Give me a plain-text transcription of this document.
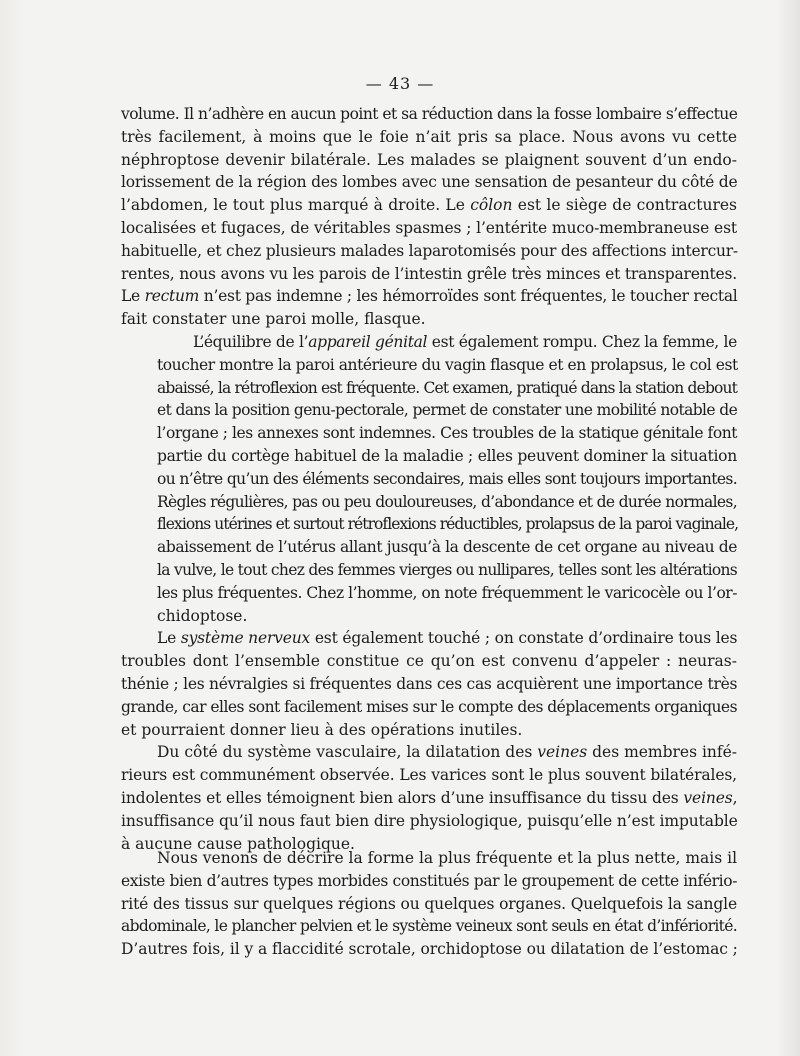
— 43 —

volume. Il n’adhère en aucun point et sa réduction dans la fosse lombaire s’effectue
très facilement, à moins que le foie n’ait pris sa place. Nous avons vu cette
néphroptose devenir bilatérale. Les malades se plaignent souvent d’un endo-
lorissement de la région des lombes avec une sensation de pesanteur du côté de
l’abdomen, le tout plus marqué à droite. Le côlon est le siège de contractures
localisées et fugaces, de véritables spasmes ; l’entérite muco-membraneuse est
habituelle, et chez plusieurs malades laparotomisés pour des affections intercur-
rentes, nous avons vu les parois de l’intestin grêle très minces et transparentes.
Le rectum n’est pas indemne ; les hémorroïdes sont fréquentes, le toucher rectal
fait constater une paroi molle, flasque.

L’équilibre de l’appareil génital est également rompu. Chez la femme, le
toucher montre la paroi antérieure du vagin flasque et en prolapsus, le col est
abaissé, la rétroflexion est fréquente. Cet examen, pratiqué dans la station debout
et dans la position genu-pectorale, permet de constater une mobilité notable de
l’organe ; les annexes sont indemnes. Ces troubles de la statique génitale font
partie du cortège habituel de la maladie ; elles peuvent dominer la situation
ou n’être qu’un des éléments secondaires, mais elles sont toujours importantes.
Règles régulières, pas ou peu douloureuses, d’abondance et de durée normales,
flexions utérines et surtout rétroflexions réductibles, prolapsus de la paroi vaginale,
abaissement de l’utérus allant jusqu’à la descente de cet organe au niveau de
la vulve, le tout chez des femmes vierges ou nullipares, telles sont les altérations
les plus fréquentes. Chez l’homme, on note fréquemment le varicocèle ou l’or-
chidoptose.

Le système nerveux est également touché ; on constate d’ordinaire tous les
troubles dont l’ensemble constitue ce qu’on est convenu d’appeler : neuras-
thénie ; les névralgies si fréquentes dans ces cas acquièrent une importance très
grande, car elles sont facilement mises sur le compte des déplacements organiques
et pourraient donner lieu à des opérations inutiles.

Du côté du système vasculaire, la dilatation des veines des membres infé-
rieurs est communément observée. Les varices sont le plus souvent bilatérales,
indolentes et elles témoignent bien alors d’une insuffisance du tissu des veines,
insuffisance qu’il nous faut bien dire physiologique, puisqu’elle n’est imputable
à aucune cause pathologique.

Nous venons de décrire la forme la plus fréquente et la plus nette, mais il
existe bien d’autres types morbides constitués par le groupement de cette infério-
rité des tissus sur quelques régions ou quelques organes. Quelquefois la sangle
abdominale, le plancher pelvien et le système veineux sont seuls en état d’infériorité.
D’autres fois, il y a flaccidité scrotale, orchidoptose ou dilatation de l’estomac ;
